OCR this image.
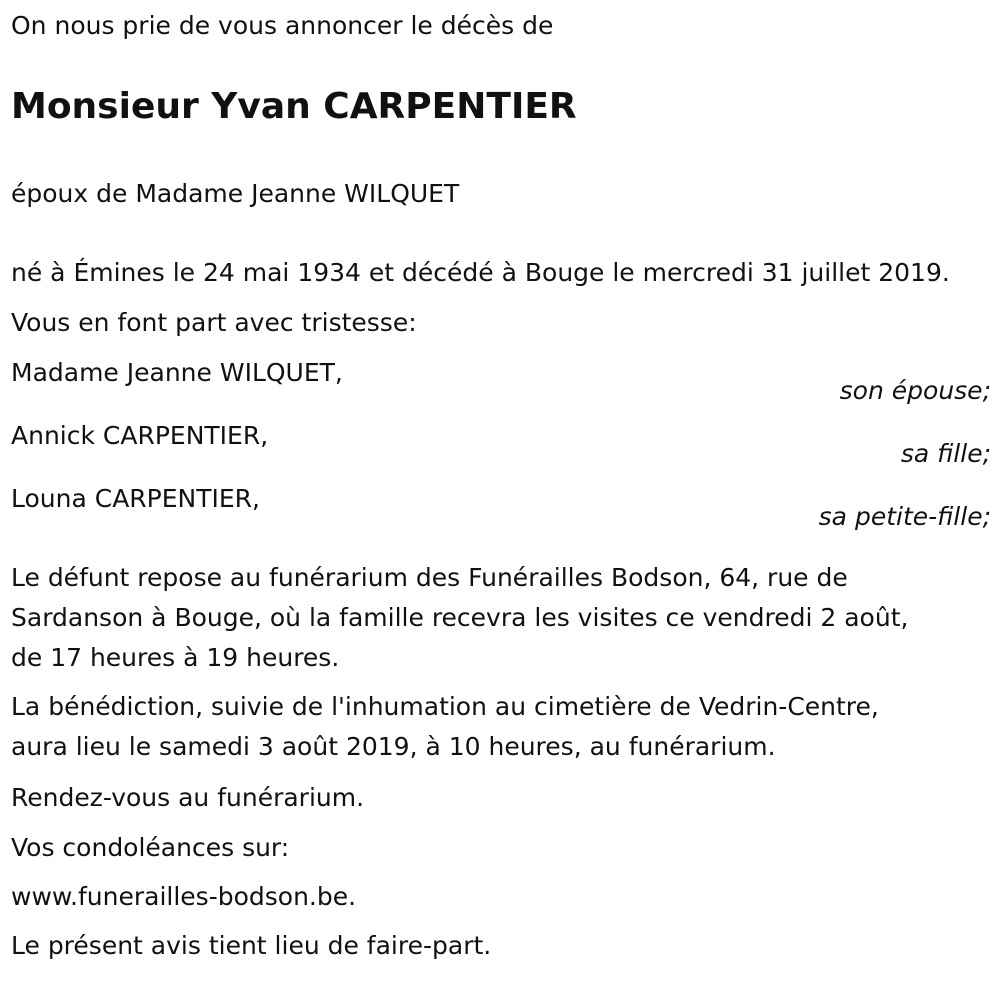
On nous prie de vous annoncer le décès de
Monsieur Yvan CARPENTIER
époux de Madame Jeanne WILQUET
né à Émines le 24 mai 1934 et décédé à Bouge le mercredi 31 juillet 2019.
Vous en font part avec tristesse:
Madame Jeanne WILQUET,
son épouse;
Annick CARPENTIER,
sa fille;
Louna CARPENTIER,
sa petite-fille;
Le défunt repose au funérarium des Funérailles Bodson, 64, rue de
Sardanson à Bouge, où la famille recevra les visites ce vendredi 2 août,
de 17 heures à 19 heures.
La bénédiction, suivie de l'inhumation au cimetière de Vedrin-Centre,
aura lieu le samedi 3 août 2019, à 10 heures, au funérarium.
Rendez-vous au funérarium.
Vos condoléances sur:
www.funerailles-bodson.be.
Le présent avis tient lieu de faire-part.
